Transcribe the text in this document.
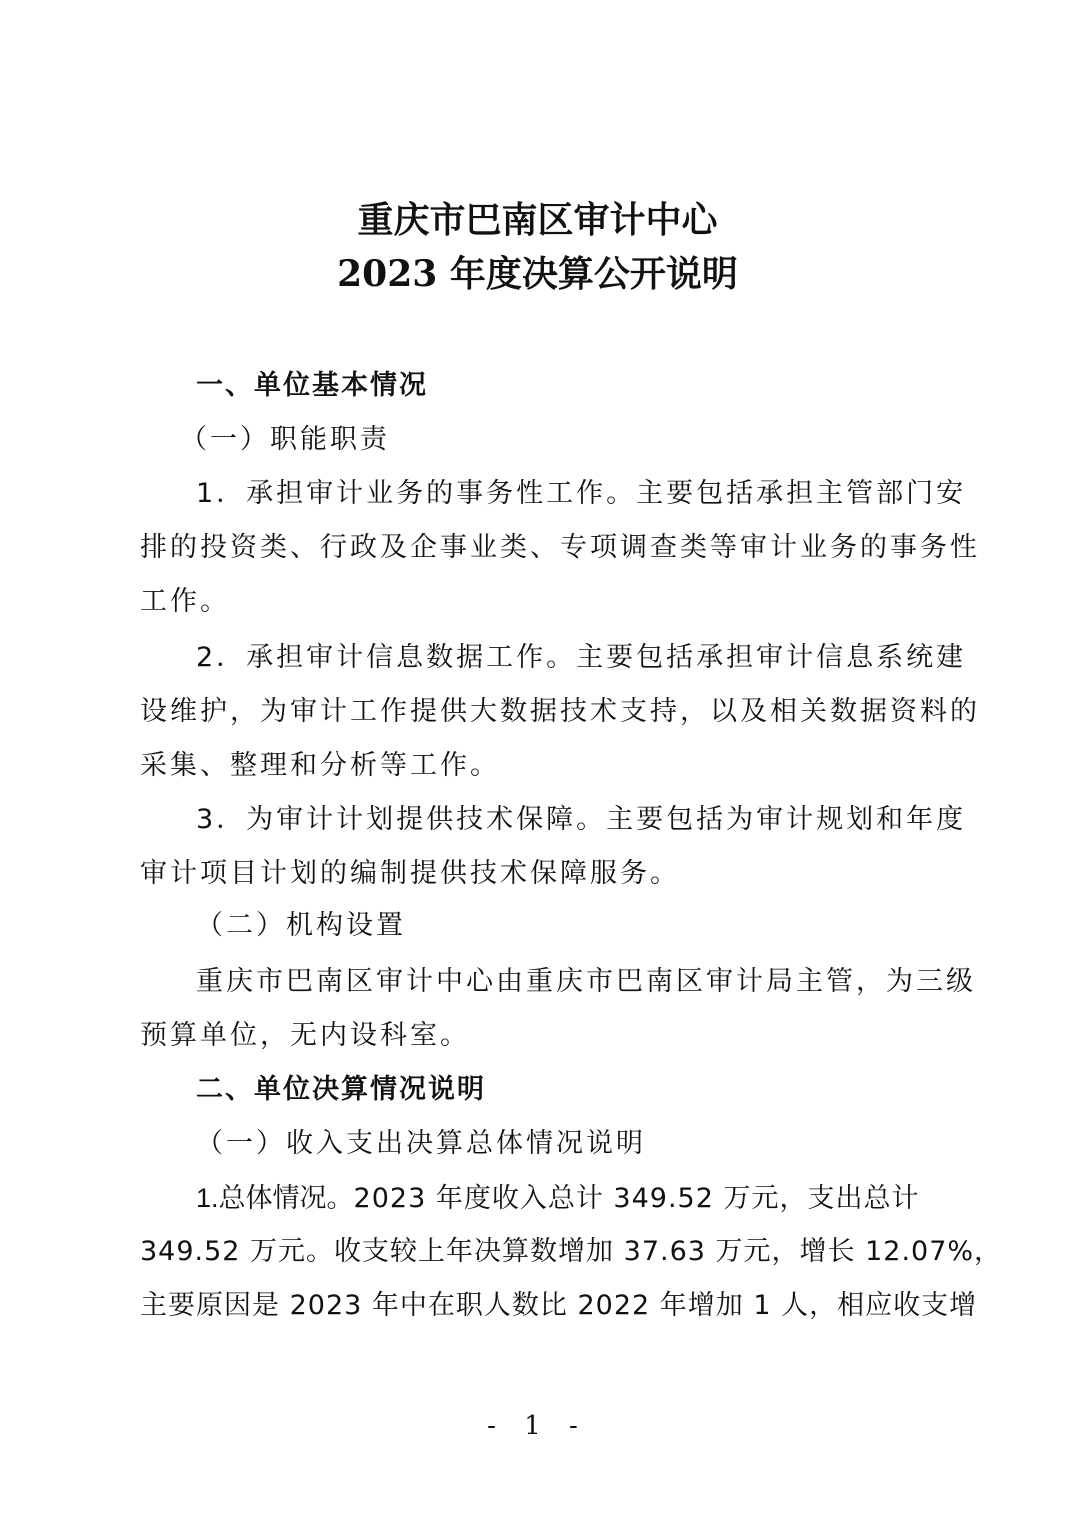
重庆市巴南区审计中心
2023 年度决算公开说明
一、单位基本情况
（一）职能职责
1．承担审计业务的事务性工作。主要包括承担主管部门安
排的投资类、行政及企事业类、专项调查类等审计业务的事务性
工作。
2．承担审计信息数据工作。主要包括承担审计信息系统建
设维护，为审计工作提供大数据技术支持，以及相关数据资料的
采集、整理和分析等工作。
3．为审计计划提供技术保障。主要包括为审计规划和年度
审计项目计划的编制提供技术保障服务。
（二）机构设置
重庆市巴南区审计中心由重庆市巴南区审计局主管，为三级
预算单位，无内设科室。
二、单位决算情况说明
（一）收入支出决算总体情况说明
1.总体情况。2023 年度收入总计 349.52 万元，支出总计
349.52 万元。收支较上年决算数增加 37.63 万元，增长 12.07%，
主要原因是 2023 年中在职人数比 2022 年增加 1 人，相应收支增
- 1 -
